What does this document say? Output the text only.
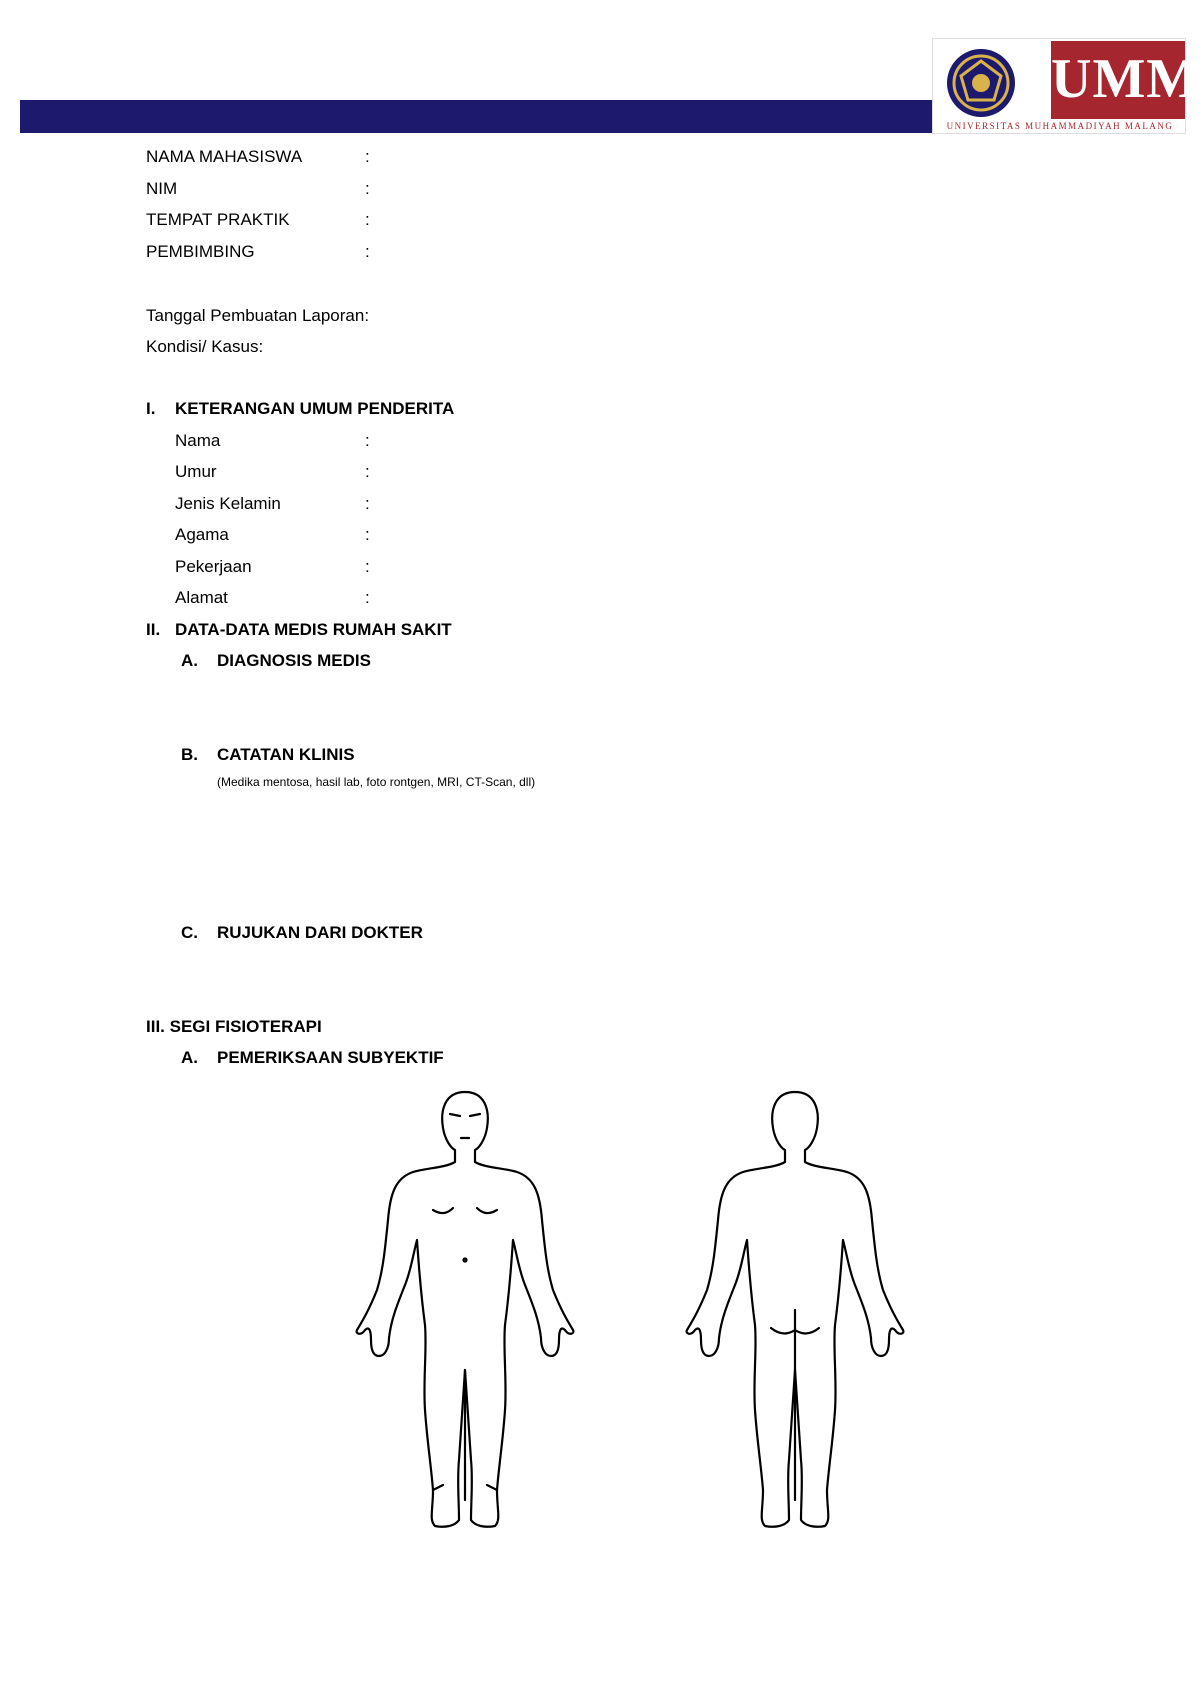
UMM
UNIVERSITAS MUHAMMADIYAH MALANG
NAMA MAHASISWA	:
NIM	:
TEMPAT PRAKTIK	:
PEMBIMBING	:
Tanggal Pembuatan Laporan:
Kondisi/ Kasus:
I. KETERANGAN UMUM PENDERITA
Nama	:
Umur	:
Jenis Kelamin	:
Agama	:
Pekerjaan	:
Alamat	:
II. DATA-DATA MEDIS RUMAH SAKIT
A. DIAGNOSIS MEDIS
B. CATATAN KLINIS
(Medika mentosa, hasil lab, foto rontgen, MRI, CT-Scan, dll)
C. RUJUKAN DARI DOKTER
III. SEGI FISIOTERAPI
A. PEMERIKSAAN SUBYEKTIF
